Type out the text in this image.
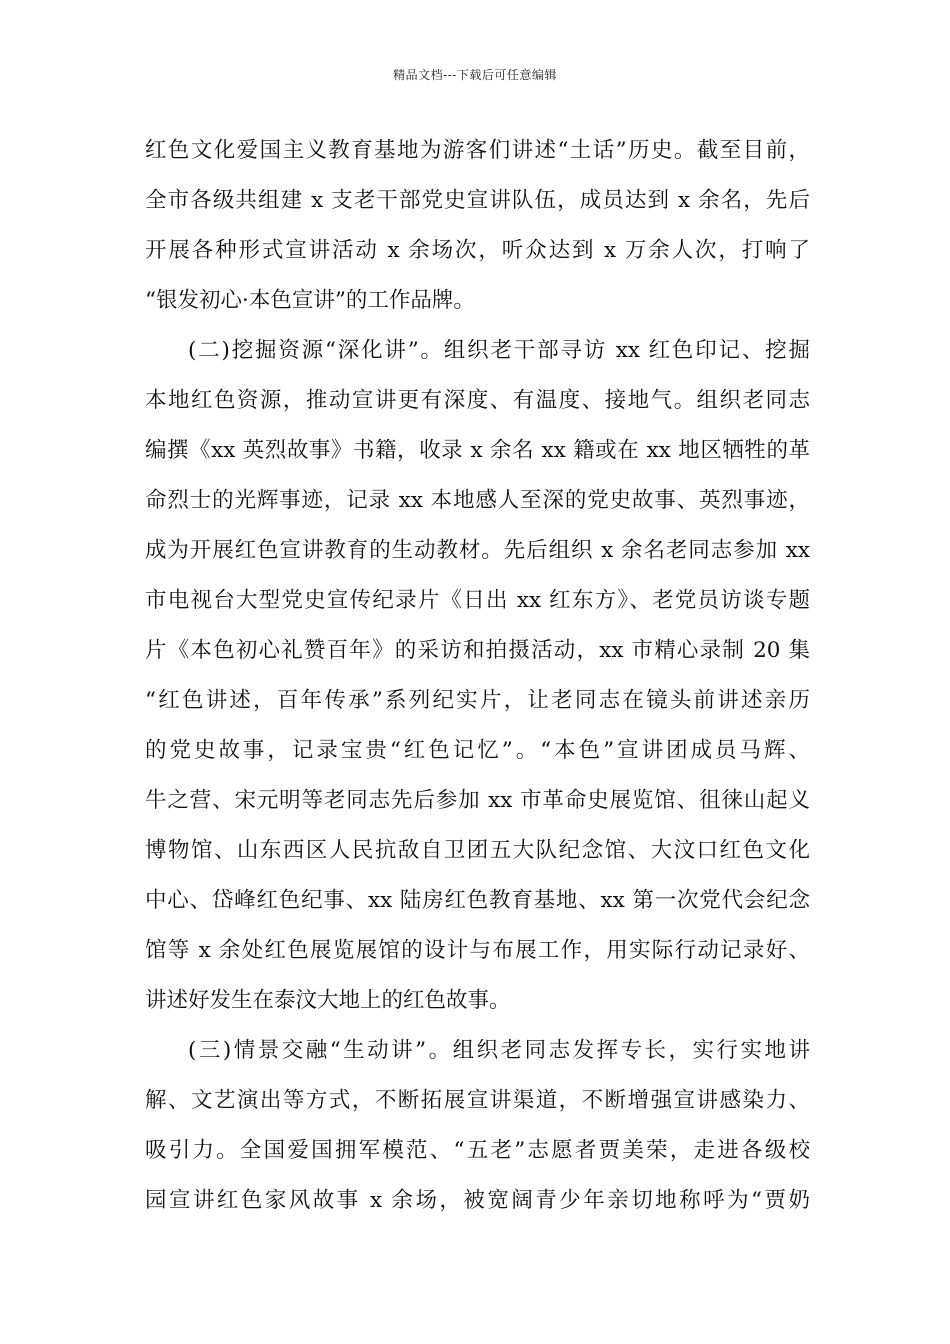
精品文档---下载后可任意编辑
红色文化爱国主义教育基地为游客们讲述“土话”历史。截至目前，
全市各级共组建 x 支老干部党史宣讲队伍，成员达到 x 余名，先后
开展各种形式宣讲活动 x 余场次，听众达到 x 万余人次，打响了
“银发初心·本色宣讲”的工作品牌。
(二)挖掘资源“深化讲”。组织老干部寻访 xx 红色印记、挖掘
本地红色资源，推动宣讲更有深度、有温度、接地气。组织老同志
编撰《xx 英烈故事》书籍，收录 x 余名 xx 籍或在 xx 地区牺牲的革
命烈士的光辉事迹，记录 xx 本地感人至深的党史故事、英烈事迹，
成为开展红色宣讲教育的生动教材。先后组织 x 余名老同志参加 xx
市电视台大型党史宣传纪录片《日出 xx 红东方》、老党员访谈专题
片《本色初心礼赞百年》的采访和拍摄活动，xx 市精心录制 20 集
“红色讲述，百年传承”系列纪实片，让老同志在镜头前讲述亲历
的党史故事，记录宝贵“红色记忆”。“本色”宣讲团成员马辉、
牛之营、宋元明等老同志先后参加 xx 市革命史展览馆、徂徕山起义
博物馆、山东西区人民抗敌自卫团五大队纪念馆、大汶口红色文化
中心、岱峰红色纪事、xx 陆房红色教育基地、xx 第一次党代会纪念
馆等 x 余处红色展览展馆的设计与布展工作，用实际行动记录好、
讲述好发生在泰汶大地上的红色故事。
(三)情景交融“生动讲”。组织老同志发挥专长，实行实地讲
解、文艺演出等方式，不断拓展宣讲渠道，不断增强宣讲感染力、
吸引力。全国爱国拥军模范、“五老”志愿者贾美荣，走进各级校
园宣讲红色家风故事 x 余场，被宽阔青少年亲切地称呼为“贾奶
